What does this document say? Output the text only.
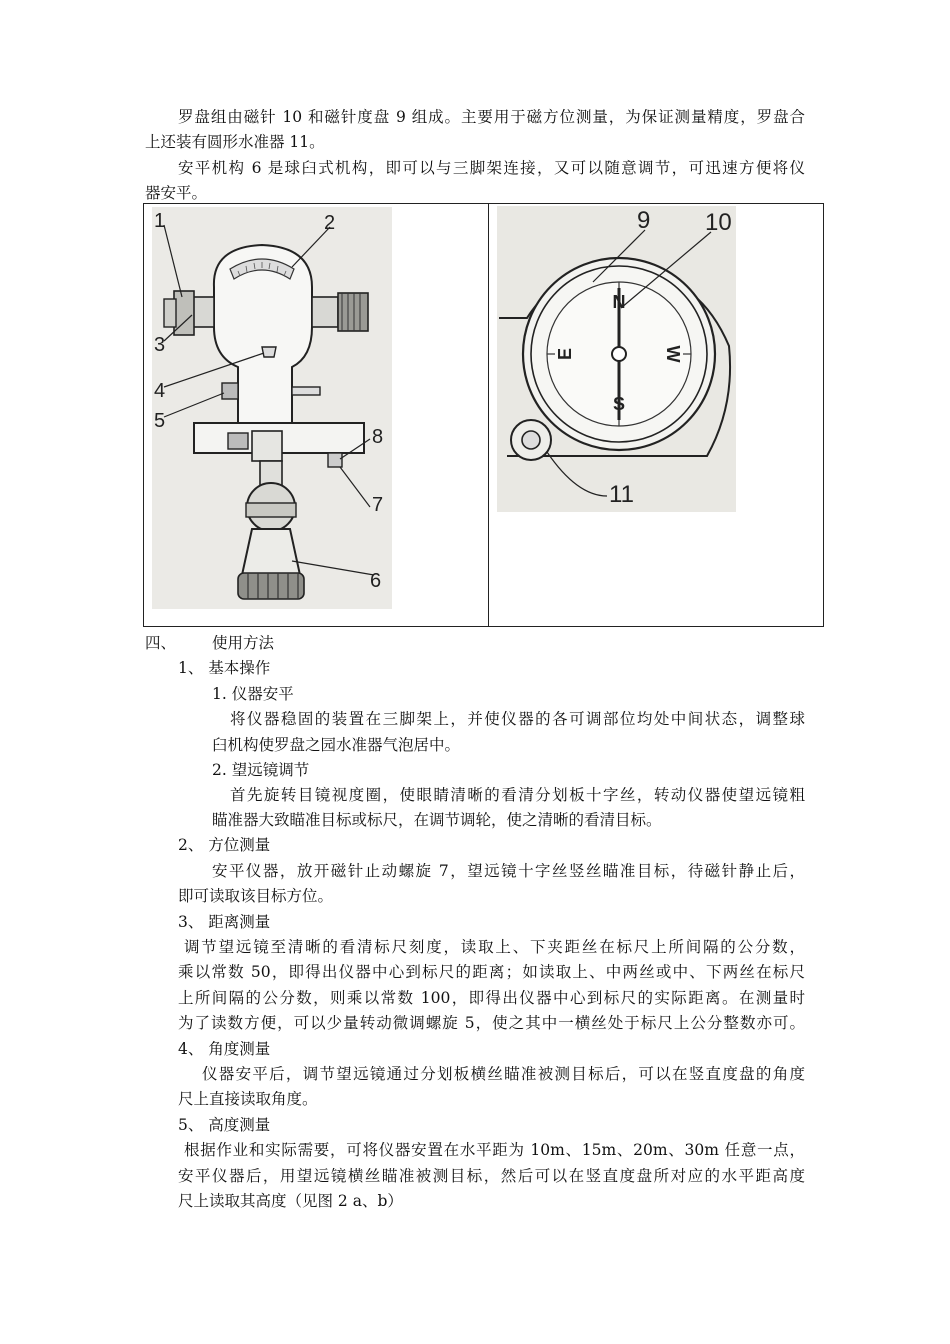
罗盘组由磁针 10 和磁针度盘 9 组成。主要用于磁方位测量，为保证测量精度，罗盘合
上还装有圆形水准器 11。
安平机构 6 是球臼式机构，即可以与三脚架连接，又可以随意调节，可迅速方便将仪
器安平。
1	2
3
4
5
8
7
6
N
S
E	W
9 10
11
四、 使用方法
1、 基本操作
1. 仪器安平
将仪器稳固的装置在三脚架上，并使仪器的各可调部位均处中间状态，调整球
臼机构使罗盘之园水准器气泡居中。
2. 望远镜调节
首先旋转目镜视度圈，使眼睛清晰的看清分划板十字丝，转动仪器使望远镜粗
瞄准器大致瞄准目标或标尺，在调节调轮，使之清晰的看清目标。
2、 方位测量
安平仪器，放开磁针止动螺旋 7，望远镜十字丝竖丝瞄准目标，待磁针静止后，
即可读取该目标方位。
3、 距离测量
调节望远镜至清晰的看清标尺刻度，读取上、下夹距丝在标尺上所间隔的公分数，
乘以常数 50，即得出仪器中心到标尺的距离；如读取上、中两丝或中、下两丝在标尺
上所间隔的公分数，则乘以常数 100，即得出仪器中心到标尺的实际距离。在测量时
为了读数方便，可以少量转动微调螺旋 5，使之其中一横丝处于标尺上公分整数亦可。
4、 角度测量
仪器安平后，调节望远镜通过分划板横丝瞄准被测目标后，可以在竖直度盘的角度
尺上直接读取角度。
5、 高度测量
根据作业和实际需要，可将仪器安置在水平距为 10m、15m、20m、30m 任意一点，
安平仪器后，用望远镜横丝瞄准被测目标，然后可以在竖直度盘所对应的水平距高度
尺上读取其高度（见图 2 a、b）
